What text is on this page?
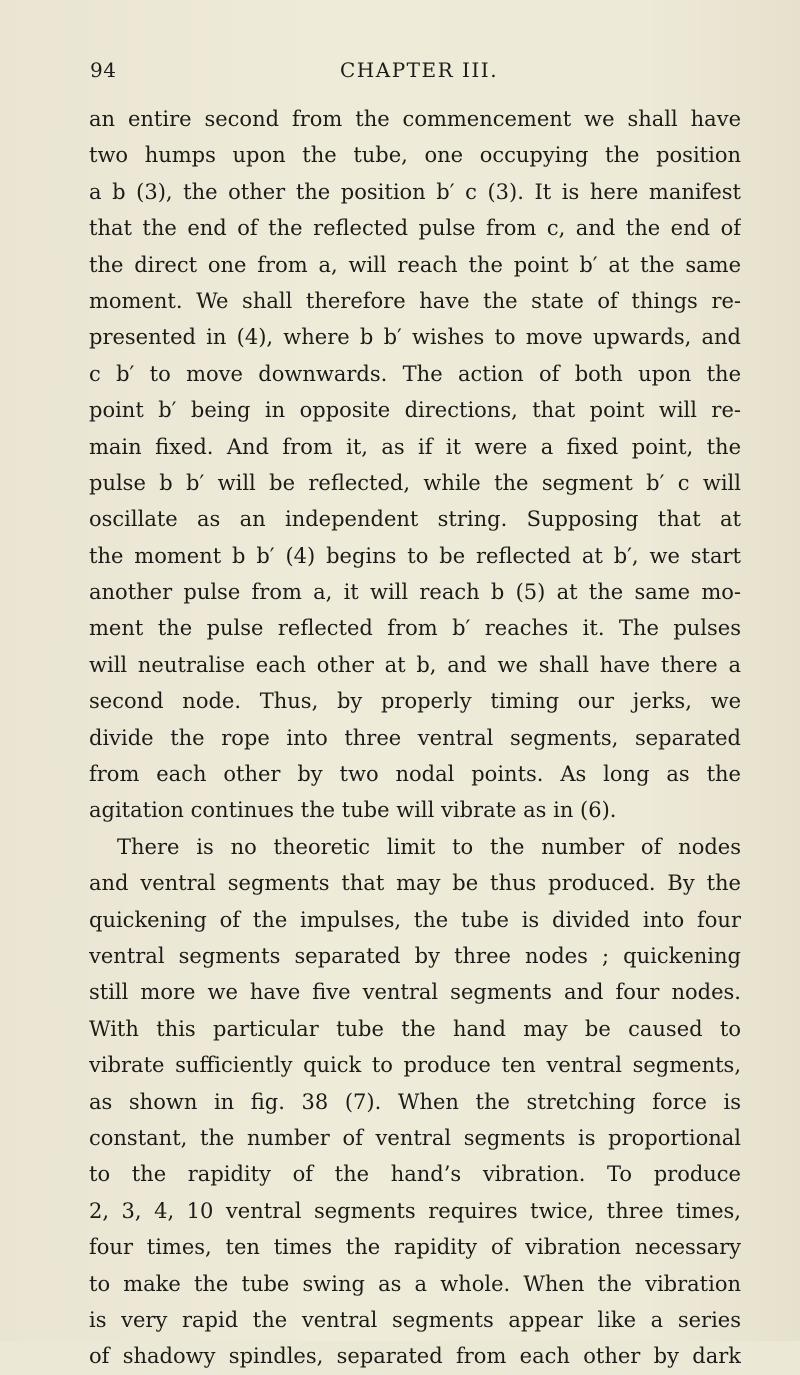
94	CHAPTER III.
an entire second from the commencement we shall have
two humps upon the tube, one occupying the position
a b (3), the other the position b′ c (3). It is here manifest
that the end of the reflected pulse from c, and the end of
the direct one from a, will reach the point b′ at the same
moment. We shall therefore have the state of things re-
presented in (4), where b b′ wishes to move upwards, and
c b′ to move downwards. The action of both upon the
point b′ being in opposite directions, that point will re-
main fixed. And from it, as if it were a fixed point, the
pulse b b′ will be reflected, while the segment b′ c will
oscillate as an independent string. Supposing that at
the moment b b′ (4) begins to be reflected at b′, we start
another pulse from a, it will reach b (5) at the same mo-
ment the pulse reflected from b′ reaches it. The pulses
will neutralise each other at b, and we shall have there a
second node. Thus, by properly timing our jerks, we
divide the rope into three ventral segments, separated
from each other by two nodal points. As long as the
agitation continues the tube will vibrate as in (6).
There is no theoretic limit to the number of nodes
and ventral segments that may be thus produced. By the
quickening of the impulses, the tube is divided into four
ventral segments separated by three nodes ; quickening
still more we have five ventral segments and four nodes.
With this particular tube the hand may be caused to
vibrate sufficiently quick to produce ten ventral segments,
as shown in fig. 38 (7). When the stretching force is
constant, the number of ventral segments is proportional
to the rapidity of the hand’s vibration. To produce
2, 3, 4, 10 ventral segments requires twice, three times,
four times, ten times the rapidity of vibration necessary
to make the tube swing as a whole. When the vibration
is very rapid the ventral segments appear like a series
of shadowy spindles, separated from each other by dark
